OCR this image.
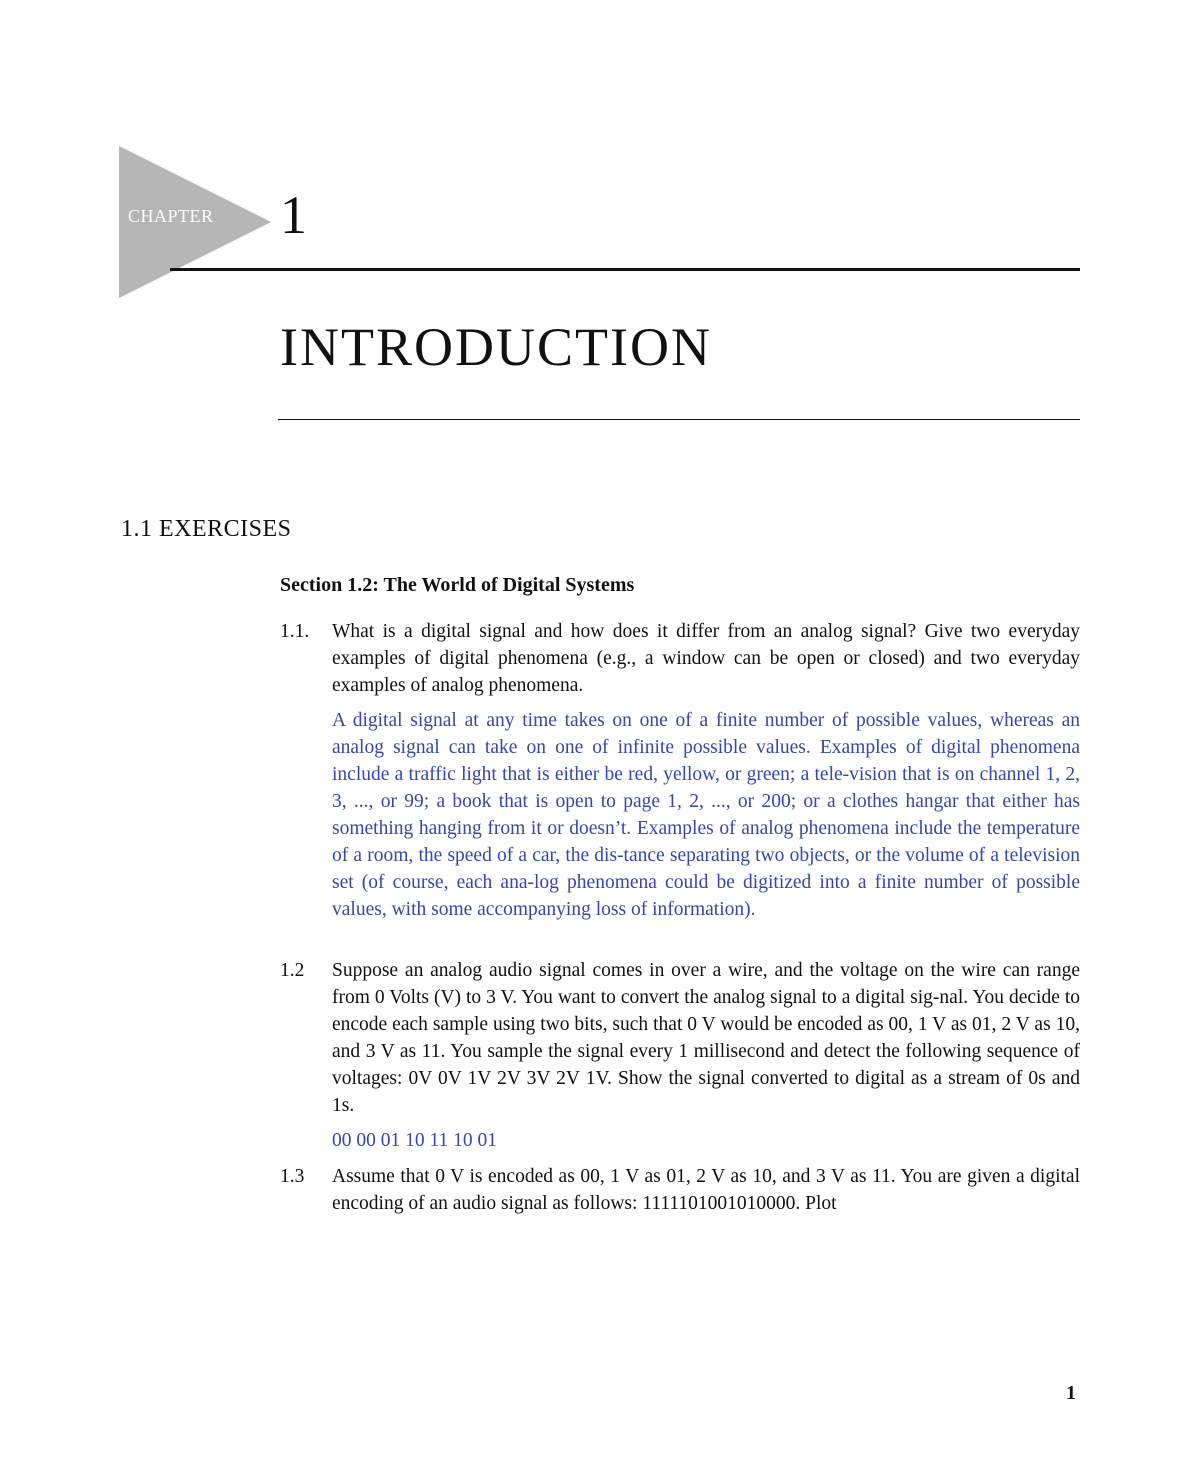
CHAPTER 1
INTRODUCTION
1.1 EXERCISES
Section 1.2: The World of Digital Systems
1.1.	What is a digital signal and how does it differ from an analog signal? Give two everyday examples of digital phenomena (e.g., a window can be open or closed) and two everyday examples of analog phenomena.
A digital signal at any time takes on one of a finite number of possible values, whereas an analog signal can take on one of infinite possible values. Examples of digital phenomena include a traffic light that is either be red, yellow, or green; a tele-vision that is on channel 1, 2, 3, ..., or 99; a book that is open to page 1, 2, ..., or 200; or a clothes hangar that either has something hanging from it or doesn’t. Examples of analog phenomena include the temperature of a room, the speed of a car, the dis-tance separating two objects, or the volume of a television set (of course, each ana-log phenomena could be digitized into a finite number of possible values, with some accompanying loss of information).
1.2	Suppose an analog audio signal comes in over a wire, and the voltage on the wire can range from 0 Volts (V) to 3 V. You want to convert the analog signal to a digital sig-nal. You decide to encode each sample using two bits, such that 0 V would be encoded as 00, 1 V as 01, 2 V as 10, and 3 V as 11. You sample the signal every 1 millisecond and detect the following sequence of voltages: 0V 0V 1V 2V 3V 2V 1V. Show the signal converted to digital as a stream of 0s and 1s.
00 00 01 10 11 10 01
1.3	Assume that 0 V is encoded as 00, 1 V as 01, 2 V as 10, and 3 V as 11. You are given a digital encoding of an audio signal as follows: 1111101001010000. Plot
1
